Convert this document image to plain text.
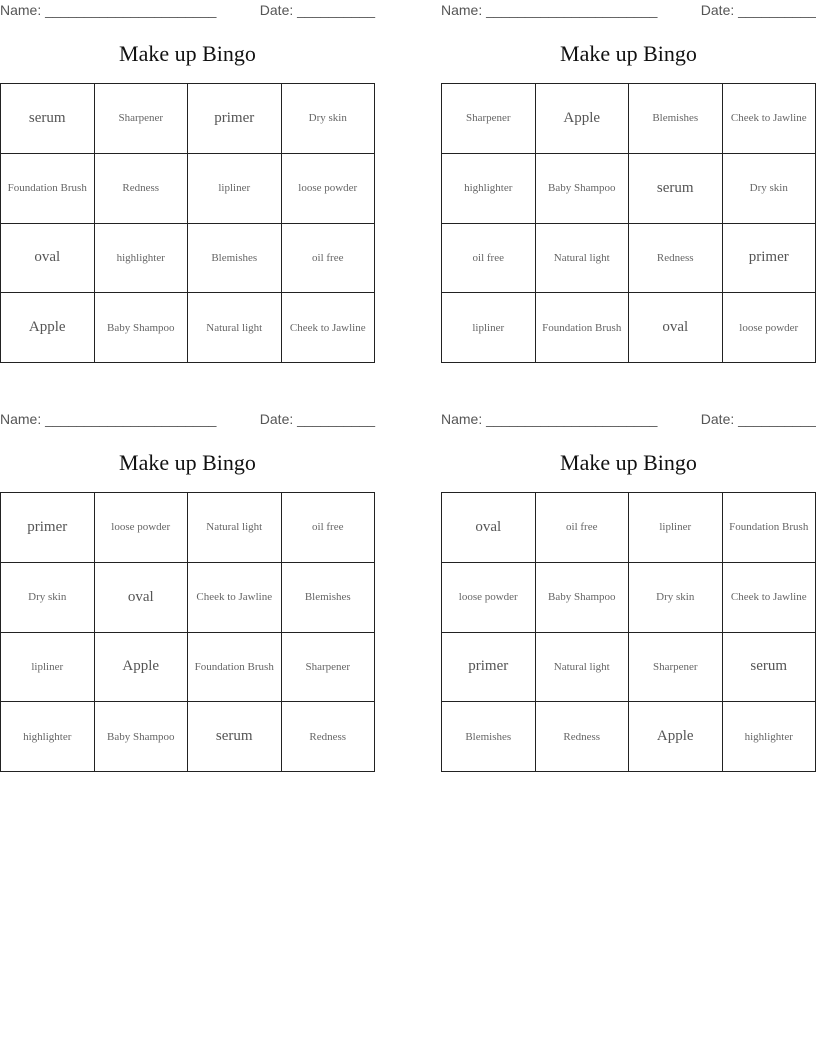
Name: ______________________	Date: __________
Make up Bingo
serum	Sharpener	primer	Dry skin
Foundation Brush	Redness	lipliner	loose powder
oval	highlighter	Blemishes	oil free
Apple	Baby Shampoo	Natural light	Cheek to Jawline
Name: ______________________	Date: __________
Make up Bingo
Sharpener	Apple	Blemishes	Cheek to Jawline
highlighter	Baby Shampoo	serum	Dry skin
oil free	Natural light	Redness	primer
lipliner	Foundation Brush	oval	loose powder
Name: ______________________	Date: __________
Make up Bingo
primer	loose powder	Natural light	oil free
Dry skin	oval	Cheek to Jawline	Blemishes
lipliner	Apple	Foundation Brush	Sharpener
highlighter	Baby Shampoo	serum	Redness
Name: ______________________	Date: __________
Make up Bingo
oval	oil free	lipliner	Foundation Brush
loose powder	Baby Shampoo	Dry skin	Cheek to Jawline
primer	Natural light	Sharpener	serum
Blemishes	Redness	Apple	highlighter
